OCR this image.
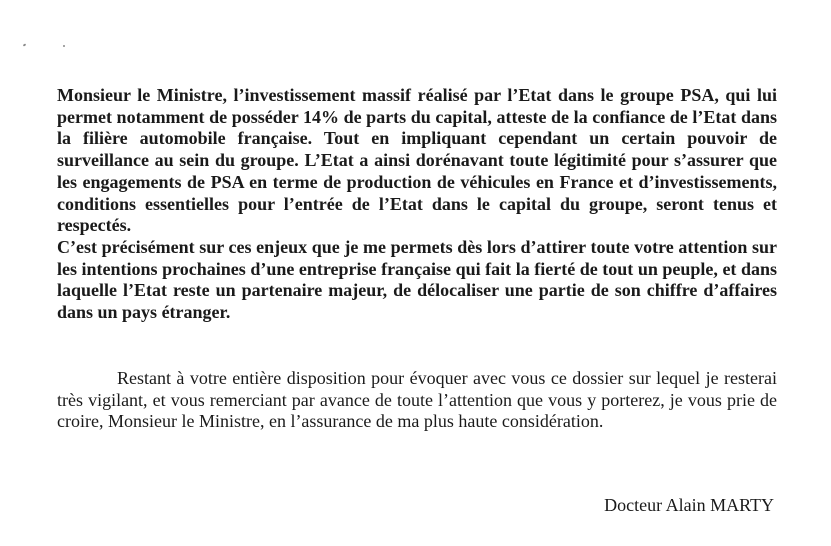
Monsieur le Ministre, l’investissement massif réalisé par l’Etat dans le groupe PSA, qui lui permet notamment de posséder 14% de parts du capital, atteste de la confiance de l’Etat dans la filière automobile française. Tout en impliquant cependant un certain pouvoir de surveillance au sein du groupe. L’Etat a ainsi dorénavant toute légitimité pour s’assurer que les engagements de PSA en terme de production de véhicules en France et d’investissements, conditions essentielles pour l’entrée de l’Etat dans le capital du groupe, seront tenus et respectés.

C’est précisément sur ces enjeux que je me permets dès lors d’attirer toute votre attention sur les intentions prochaines d’une entreprise française qui fait la fierté de tout un peuple, et dans laquelle l’Etat reste un partenaire majeur, de délocaliser une partie de son chiffre d’affaires dans un pays étranger.

Restant à votre entière disposition pour évoquer avec vous ce dossier sur lequel je resterai très vigilant, et vous remerciant par avance de toute l’attention que vous y porterez, je vous prie de croire, Monsieur le Ministre, en l’assurance de ma plus haute considération.

Docteur Alain MARTY
